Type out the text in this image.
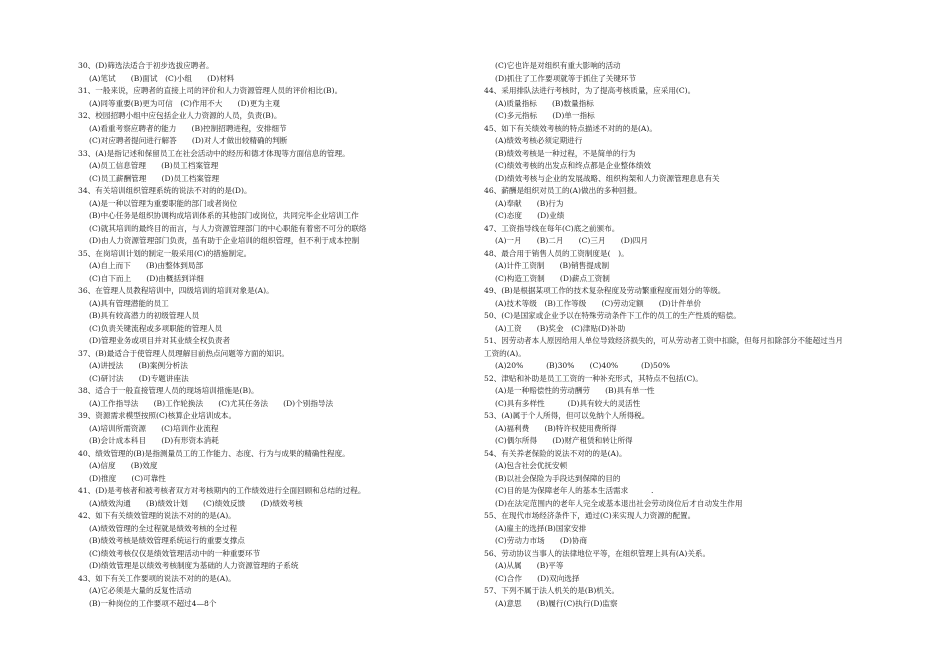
30、(D)筛选法适合于初步选拔应聘者。
(A)笔试　　(B)面试　(C)小组　　(D)材料
31、一般来说，应聘者的直接上司的评价和人力资源管理人员的评价相比(B)。
(A)同等重要(B)更为可信　(C)作用不大　　(D)更为主观
32、校园招聘小组中应包括企业人力资源的人员，负责(B)。
(A)看重考察应聘者的能力　　(B)控制招聘进程，安排细节
(C)对应聘者提问进行解答　　(D)对人才做出较精确的判断
33、(A)是指记述和保留员工在社会活动中的经历和德才体现等方面信息的管理。
(A)员工信息管理　　(B)员工档案管理
(C)员工薪酬管理　　(D)员工档案管理
34、有关培训组织管理系统的说法不对的的是(D)。
(A)是一种以管理为重要职能的部门或者岗位
(B)中心任务是组织协调构成培训体系的其他部门或岗位，共同完毕企业培训工作
(C)就其培训的最终目的而言，与人力资源管理部门的中心职能有着密不可分的联络
(D)由人力资源管理部门负责，虽有助于企业培训的组织管理，但不利于成本控制
35、在岗培训计划的制定一般采用(C)的措施制定。
(A)自上而下　　(B)由整体到局部
(C)自下而上　　(D)由概括到详细
36、在管理人员教程培训中，四级培训的培训对象是(A)。
(A)具有管理潜能的员工
(B)具有较高潜力的初级管理人员
(C)负责关键流程或多项职能的管理人员
(D)管理业务或项目并对其业绩全权负责者
37、(B)最适合于使管理人员理解目前热点问题等方面的知识。
(A)讲授法　　(B)案例分析法
(C)研讨法　　(D)专题讲座法
38、适合于一般直接管理人员的现场培训措施是(B)。
(A)工作指导法　　(B)工作轮换法　　(C)尤其任务法　　(D)个别指导法
39、资源需求模型按照(C)核算企业培训成本。
(A)培训所需资源　　(C)培训作业流程
(B)会计成本科目　　(D)有形资本消耗
40、绩效管理的(B)是指测量员工的工作能力、态度、行为与成果的精确性程度。
(A)信度　　(B)效度
(D)推度　　(C)可靠性
41、(D)是考核者和被考核者双方对考核期内的工作绩效进行全面回顾和总结的过程。
(A)绩效沟通　　(B)绩效计划　　(C)绩效反馈　　(D)绩效考核
42、如下有关绩效管理的说法不对的的是(A)。
(A)绩效管理的全过程就是绩效考核的全过程
(B)绩效考核是绩效管理系统运行的重要支撑点
(C)绩效考核仅仅是绩效管理活动中的一种重要环节
(D)绩效管理是以绩效考核制度为基础的人力资源管理的子系统
43、如下有关工作要项的说法不对的的是(A)。
(A)它必须是大量的反复性活动
(B)一种岗位的工作要项不超过4—8个
(C)它也许是对组织有重大影响的活动
(D)抓住了工作要项就等于抓住了关键环节
44、采用排队法进行考核时，为了提高考核质量，应采用(C)。
(A)质量指标　　(B)数量指标
(C)多元指标　　(D)单一指标
45、如下有关绩效考核的特点描述不对的的是(A)。
(A)绩效考核必须定期进行
(B)绩效考核是一种过程，不是简单的行为
(C)绩效考核的出发点和终点都是企业整体绩效
(D)绩效考核与企业的发展战略、组织构架和人力资源管理息息有关
46、薪酬是组织对员工的(A)做出的多种回报。
(A)奉献　　(B)行为
(C)态度　　(D)业绩
47、工资指导线在每年(C)底之前颁布。
(A)一月　　(B)二月　　(C)三月　　(D)四月
48、最合用于销售人员的工资制度是(　)。
(A)计件工资制　　(B)销售提成制
(C)构造工资制　　(D)薪点工资制
49、(B)是根据某项工作的技术复杂程度及劳动繁重程度而划分的等级。
(A)技术等级　(B)工作等级　　(C)劳动定额　　(D)计件单价
50、(C)是国家或企业予以在特殊劳动条件下工作的员工的生产性质的赔偿。
(A)工资　　(B)奖金　(C)津贴(D)补助
51、因劳动者本人原因给用人单位导致经济损失的，可从劳动者工资中扣除，但每月扣除部分不能超过当月
工资的(A)。
(A)20%　　　(B)30%　　(C)40%　　　(D)50%
52、津贴和补助是员工工资的一种补充形式，其特点不包括(C)。
(A)是一种赔偿性的劳动酬劳　　(B)具有单一性
(C)具有多样性　　　(D)具有较大的灵活性
53、(A)属于个人所得，但可以免纳个人所得税。
(A)福利费　　(B)特许权使用费所得
(C)偶尔所得　　(D)财产租赁和转让所得
54、有关养老保险的说法不对的的是(A)。
(A)包含社会优抚安顿
(B)以社会保险为手段达到保障的目的
(C)目的是为保障老年人的基本生活需求　　　.
(D)在法定范围内的老年人完全或基本退出社会劳动岗位后才自动发生作用
55、在现代市场经济条件下，通过(C)来实现人力资源的配置。
(A)雇主的选择(B)国家安排
(C)劳动力市场　　(D)协商
56、劳动协议当事人的法律地位平等，在组织管理上具有(A)关系。
(A)从属　　(B)平等
(C)合作　　(D)双向选择
57、下列不属于法人机关的是(B)机关。
(A)意思　　(B)履行(C)执行(D)监察
